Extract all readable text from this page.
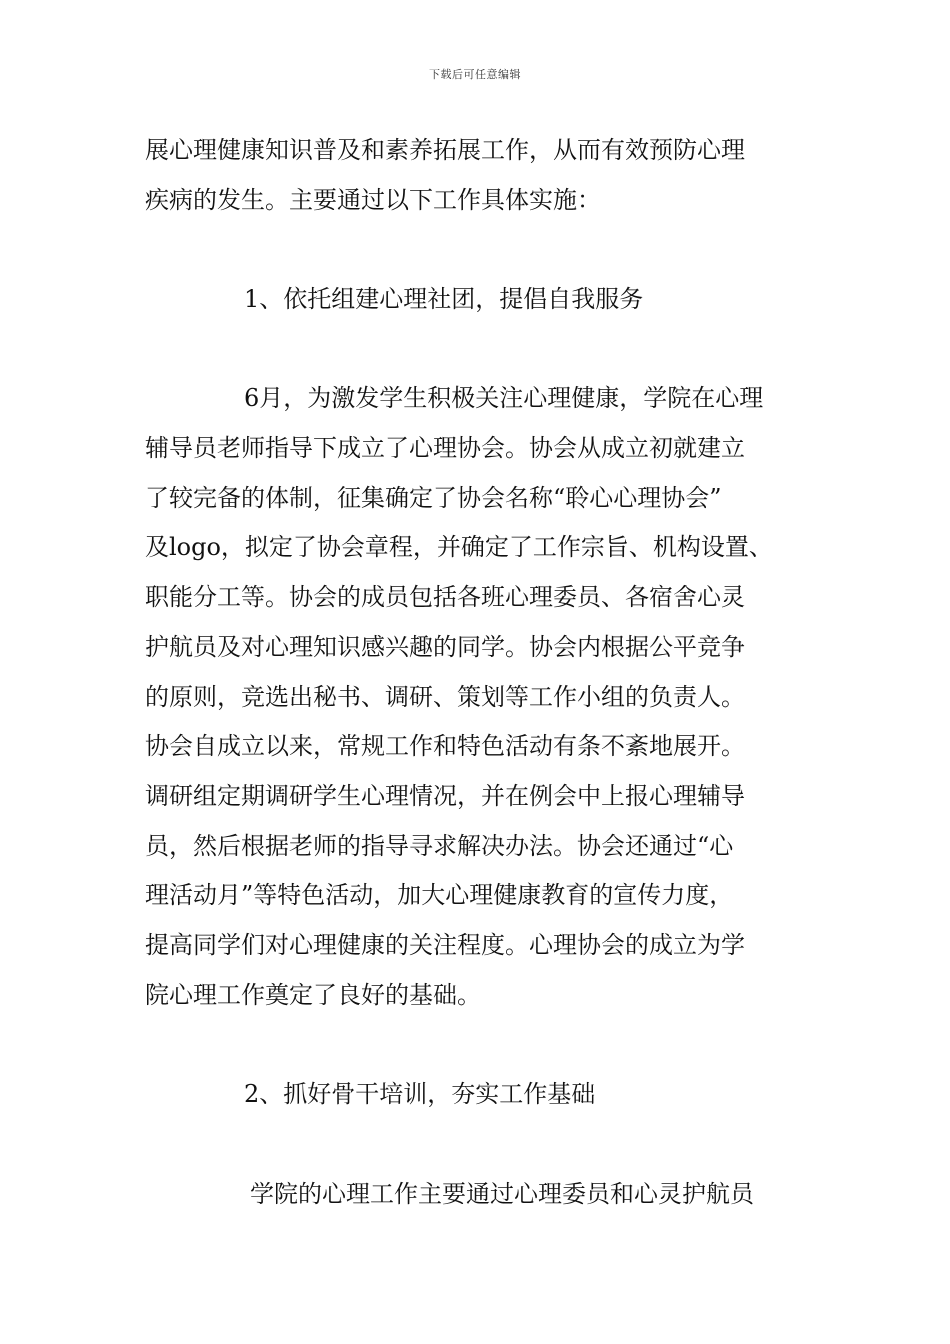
下载后可任意编辑
展心理健康知识普及和素养拓展工作，从而有效预防心理
疾病的发生。主要通过以下工作具体实施：
1、依托组建心理社团，提倡自我服务
6月，为激发学生积极关注心理健康，学院在心理
辅导员老师指导下成立了心理协会。协会从成立初就建立
了较完备的体制，征集确定了协会名称“聆心心理协会”
及logo，拟定了协会章程，并确定了工作宗旨、机构设置、
职能分工等。协会的成员包括各班心理委员、各宿舍心灵
护航员及对心理知识感兴趣的同学。协会内根据公平竞争
的原则，竞选出秘书、调研、策划等工作小组的负责人。
协会自成立以来，常规工作和特色活动有条不紊地展开。
调研组定期调研学生心理情况，并在例会中上报心理辅导
员，然后根据老师的指导寻求解决办法。协会还通过“心
理活动月”等特色活动，加大心理健康教育的宣传力度，
提高同学们对心理健康的关注程度。心理协会的成立为学
院心理工作奠定了良好的基础。
2、抓好骨干培训，夯实工作基础
学院的心理工作主要通过心理委员和心灵护航员
